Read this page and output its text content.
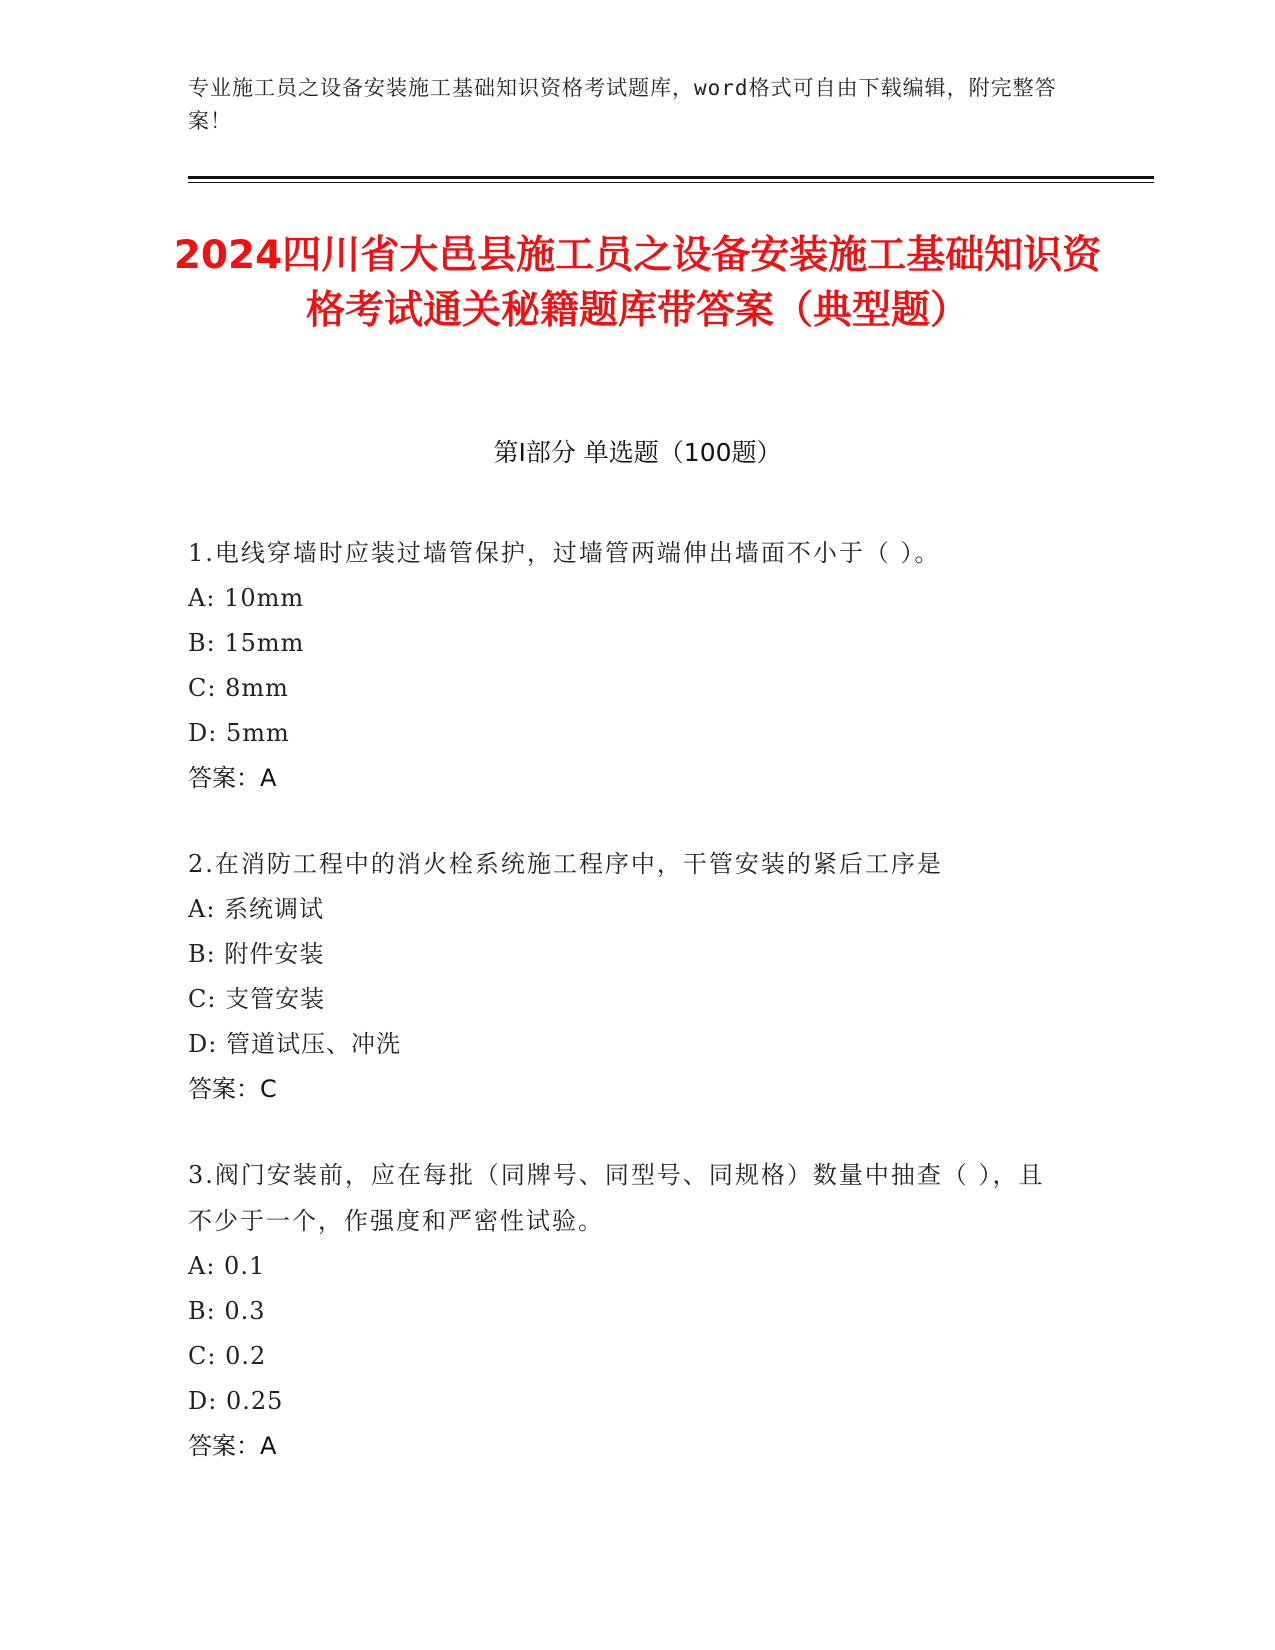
专业施工员之设备安装施工基础知识资格考试题库，word格式可自由下载编辑，附完整答案！
2024四川省大邑县施工员之设备安装施工基础知识资格考试通关秘籍题库带答案（典型题）
第I部分 单选题（100题）
1.电线穿墙时应装过墙管保护，过墙管两端伸出墙面不小于（ ）。
A: 10mm
B: 15mm
C: 8mm
D: 5mm
答案：A
2.在消防工程中的消火栓系统施工程序中，干管安装的紧后工序是
A: 系统调试
B: 附件安装
C: 支管安装
D: 管道试压、冲洗
答案：C
3.阀门安装前，应在每批（同牌号、同型号、同规格）数量中抽查（ ），且不少于一个，作强度和严密性试验。
A: 0.1
B: 0.3
C: 0.2
D: 0.25
答案：A
